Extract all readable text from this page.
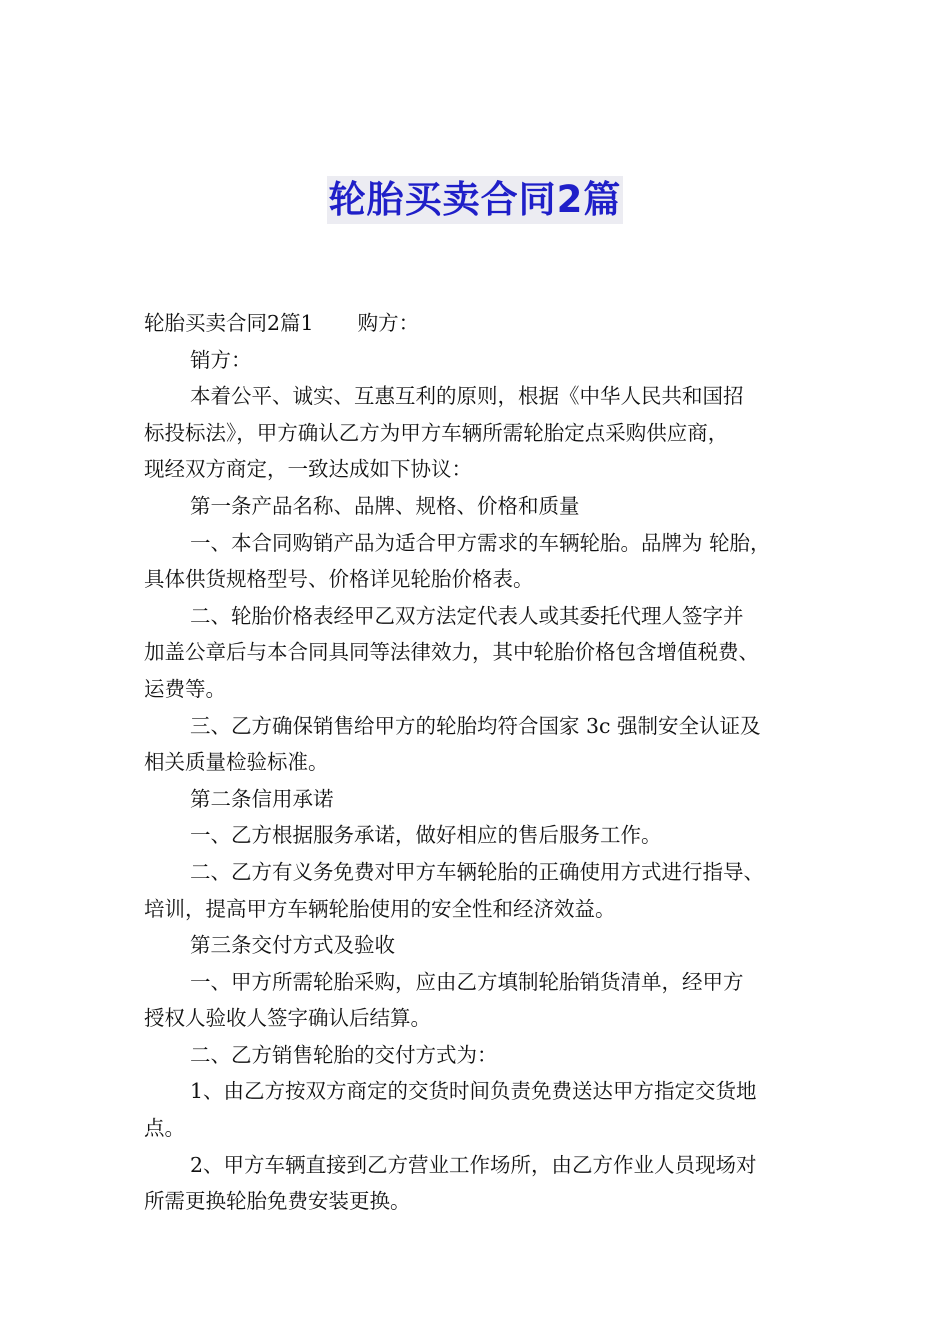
轮胎买卖合同2篇
轮胎买卖合同2篇1 购方：
销方：
本着公平、诚实、互惠互利的原则，根据《中华人民共和国招
标投标法》，甲方确认乙方为甲方车辆所需轮胎定点采购供应商，
现经双方商定，一致达成如下协议：
第一条产品名称、品牌、规格、价格和质量
一、本合同购销产品为适合甲方需求的车辆轮胎。品牌为 轮胎，
具体供货规格型号、价格详见轮胎价格表。
二、轮胎价格表经甲乙双方法定代表人或其委托代理人签字并
加盖公章后与本合同具同等法律效力，其中轮胎价格包含增值税费、
运费等。
三、乙方确保销售给甲方的轮胎均符合国家 3c 强制安全认证及
相关质量检验标准。
第二条信用承诺
一、乙方根据服务承诺，做好相应的售后服务工作。
二、乙方有义务免费对甲方车辆轮胎的正确使用方式进行指导、
培训，提高甲方车辆轮胎使用的安全性和经济效益。
第三条交付方式及验收
一、甲方所需轮胎采购，应由乙方填制轮胎销货清单，经甲方
授权人验收人签字确认后结算。
二、乙方销售轮胎的交付方式为：
1、由乙方按双方商定的交货时间负责免费送达甲方指定交货地
点。
2、甲方车辆直接到乙方营业工作场所，由乙方作业人员现场对
所需更换轮胎免费安装更换。
